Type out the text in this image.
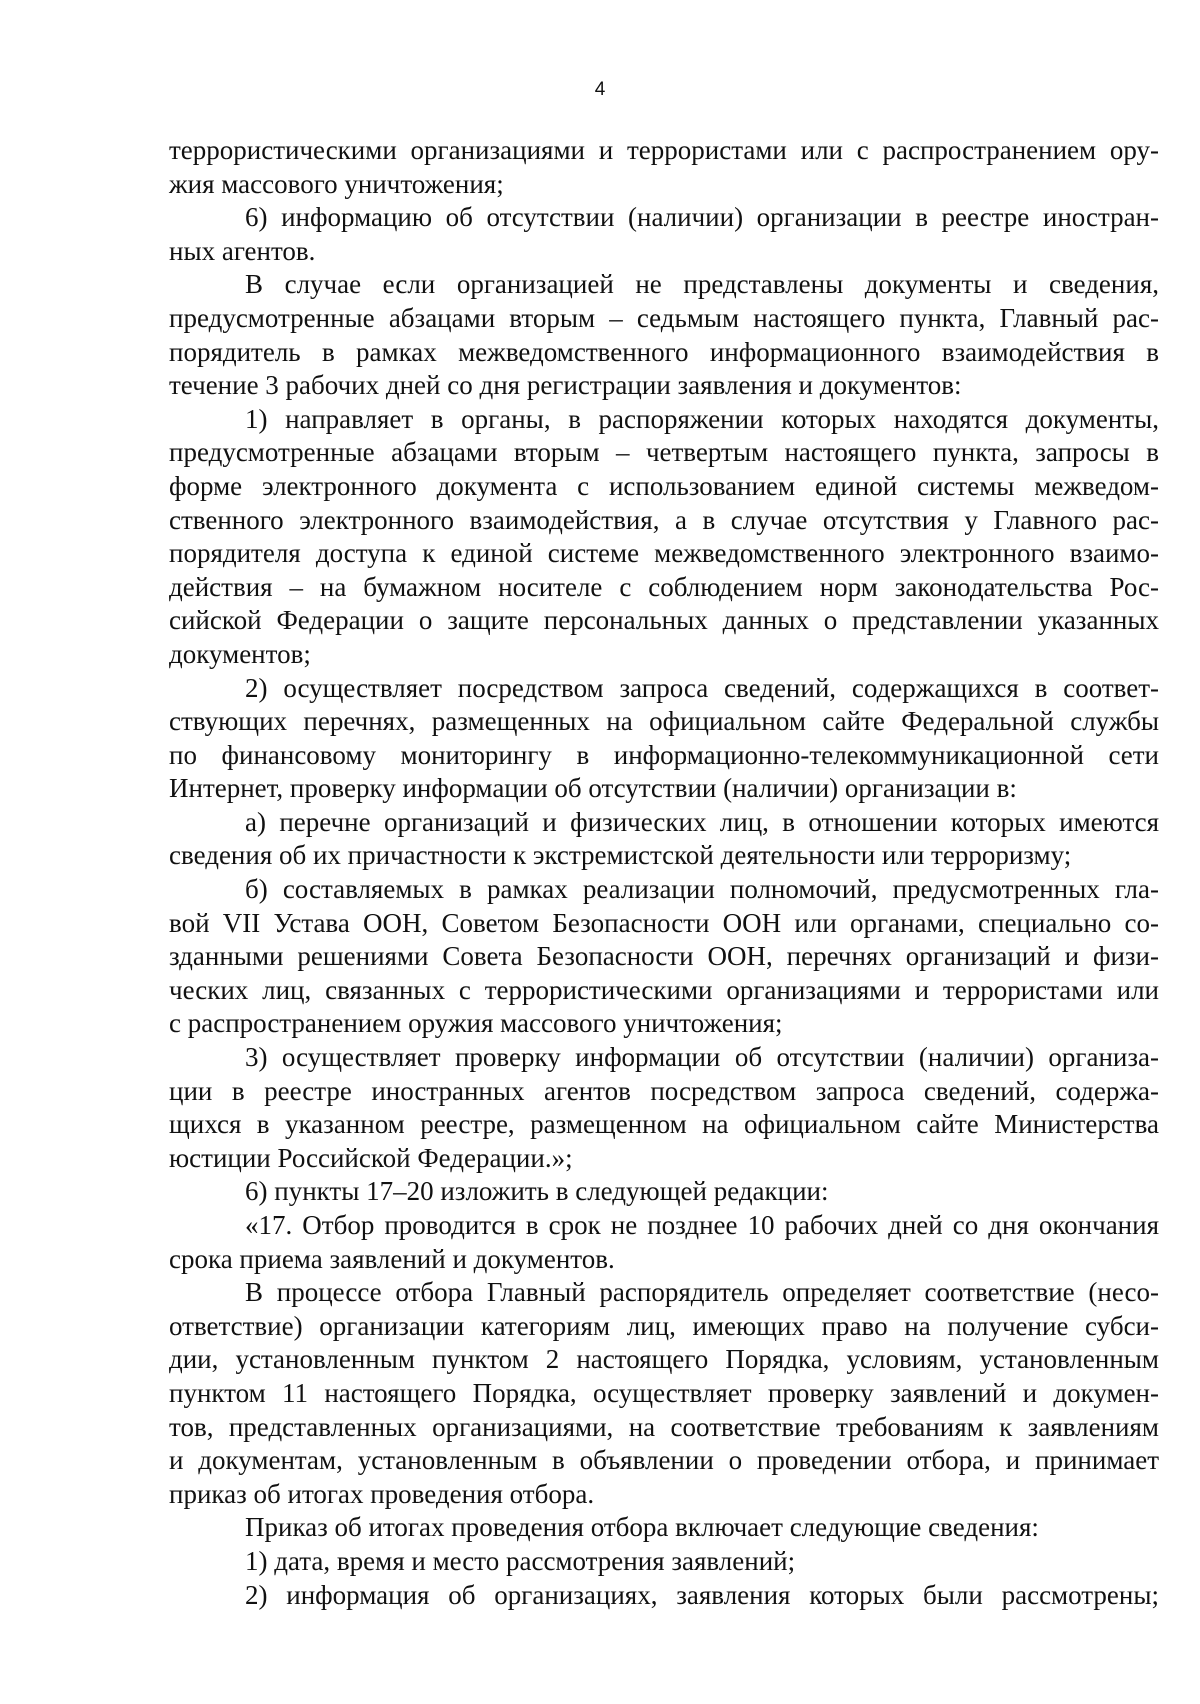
4
террористическими организациями и террористами или с распространением ору-
жия массового уничтожения;
6) информацию об отсутствии (наличии) организации в реестре иностран-
ных агентов.
В случае если организацией не представлены документы и сведения,
предусмотренные абзацами вторым – седьмым настоящего пункта, Главный рас-
порядитель в рамках межведомственного информационного взаимодействия в
течение 3 рабочих дней со дня регистрации заявления и документов:
1) направляет в органы, в распоряжении которых находятся документы,
предусмотренные абзацами вторым – четвертым настоящего пункта, запросы в
форме электронного документа с использованием единой системы межведом-
ственного электронного взаимодействия, а в случае отсутствия у Главного рас-
порядителя доступа к единой системе межведомственного электронного взаимо-
действия – на бумажном носителе с соблюдением норм законодательства Рос-
сийской Федерации о защите персональных данных о представлении указанных
документов;
2) осуществляет посредством запроса сведений, содержащихся в соответ-
ствующих перечнях, размещенных на официальном сайте Федеральной службы
по финансовому мониторингу в информационно-телекоммуникационной сети
Интернет, проверку информации об отсутствии (наличии) организации в:
а) перечне организаций и физических лиц, в отношении которых имеются
сведения об их причастности к экстремистской деятельности или терроризму;
б) составляемых в рамках реализации полномочий, предусмотренных гла-
вой VII Устава ООН, Советом Безопасности ООН или органами, специально со-
зданными решениями Совета Безопасности ООН, перечнях организаций и физи-
ческих лиц, связанных с террористическими организациями и террористами или
с распространением оружия массового уничтожения;
3) осуществляет проверку информации об отсутствии (наличии) организа-
ции в реестре иностранных агентов посредством запроса сведений, содержа-
щихся в указанном реестре, размещенном на официальном сайте Министерства
юстиции Российской Федерации.»;
6) пункты 17–20 изложить в следующей редакции:
«17. Отбор проводится в срок не позднее 10 рабочих дней со дня окончания
срока приема заявлений и документов.
В процессе отбора Главный распорядитель определяет соответствие (несо-
ответствие) организации категориям лиц, имеющих право на получение субси-
дии, установленным пунктом 2 настоящего Порядка, условиям, установленным
пунктом 11 настоящего Порядка, осуществляет проверку заявлений и докумен-
тов, представленных организациями, на соответствие требованиям к заявлениям
и документам, установленным в объявлении о проведении отбора, и принимает
приказ об итогах проведения отбора.
Приказ об итогах проведения отбора включает следующие сведения:
1) дата, время и место рассмотрения заявлений;
2) информация об организациях, заявления которых были рассмотрены;
